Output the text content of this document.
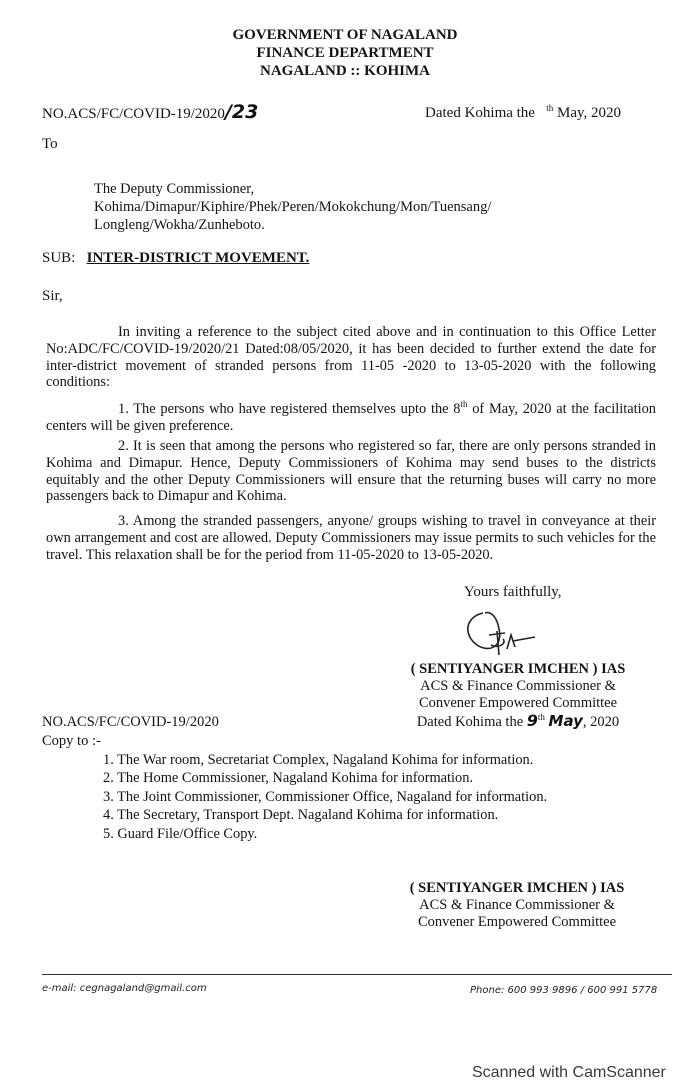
GOVERNMENT OF NAGALAND
FINANCE DEPARTMENT
NAGALAND :: KOHIMA
NO.ACS/FC/COVID-19/2020/23	Dated Kohima the $^{th}$ May, 2020
To
The Deputy Commissioner,
Kohima/Dimapur/Kiphire/Phek/Peren/Mokokchung/Mon/Tuensang/
Longleng/Wokha/Zunheboto.
SUB: INTER-DISTRICT MOVEMENT.
Sir,
In inviting a reference to the subject cited above and in continuation to this Office Letter No:ADC/FC/COVID-19/2020/21 Dated:08/05/2020, it has been decided to further extend the date for inter-district movement of stranded persons from 11-05 -2020 to 13-05-2020 with the following conditions:
1. The persons who have registered themselves upto the 8th of May, 2020 at the facilitation centers will be given preference.
2. It is seen that among the persons who registered so far, there are only persons stranded in Kohima and Dimapur. Hence, Deputy Commissioners of Kohima may send buses to the districts equitably and the other Deputy Commissioners will ensure that the returning buses will carry no more passengers back to Dimapur and Kohima.
3. Among the stranded passengers, anyone/ groups wishing to travel in conveyance at their own arrangement and cost are allowed. Deputy Commissioners may issue permits to such vehicles for the travel. This relaxation shall be for the period from 11-05-2020 to 13-05-2020.
Yours faithfully,
( SENTIYANGER IMCHEN ) IAS
ACS & Finance Commissioner &
Convener Empowered Committee
Dated Kohima the 9th May, 2020
NO.ACS/FC/COVID-19/2020
Copy to :-
1. The War room, Secretariat Complex, Nagaland Kohima for information.
2. The Home Commissioner, Nagaland Kohima for information.
3. The Joint Commissioner, Commissioner Office, Nagaland for information.
4. The Secretary, Transport Dept. Nagaland Kohima for information.
5. Guard File/Office Copy.
( SENTIYANGER IMCHEN ) IAS
ACS & Finance Commissioner &
Convener Empowered Committee
e-mail: cegnagaland@gmail.com	Phone: 600 993 9896 / 600 991 5778
Scanned with CamScanner
